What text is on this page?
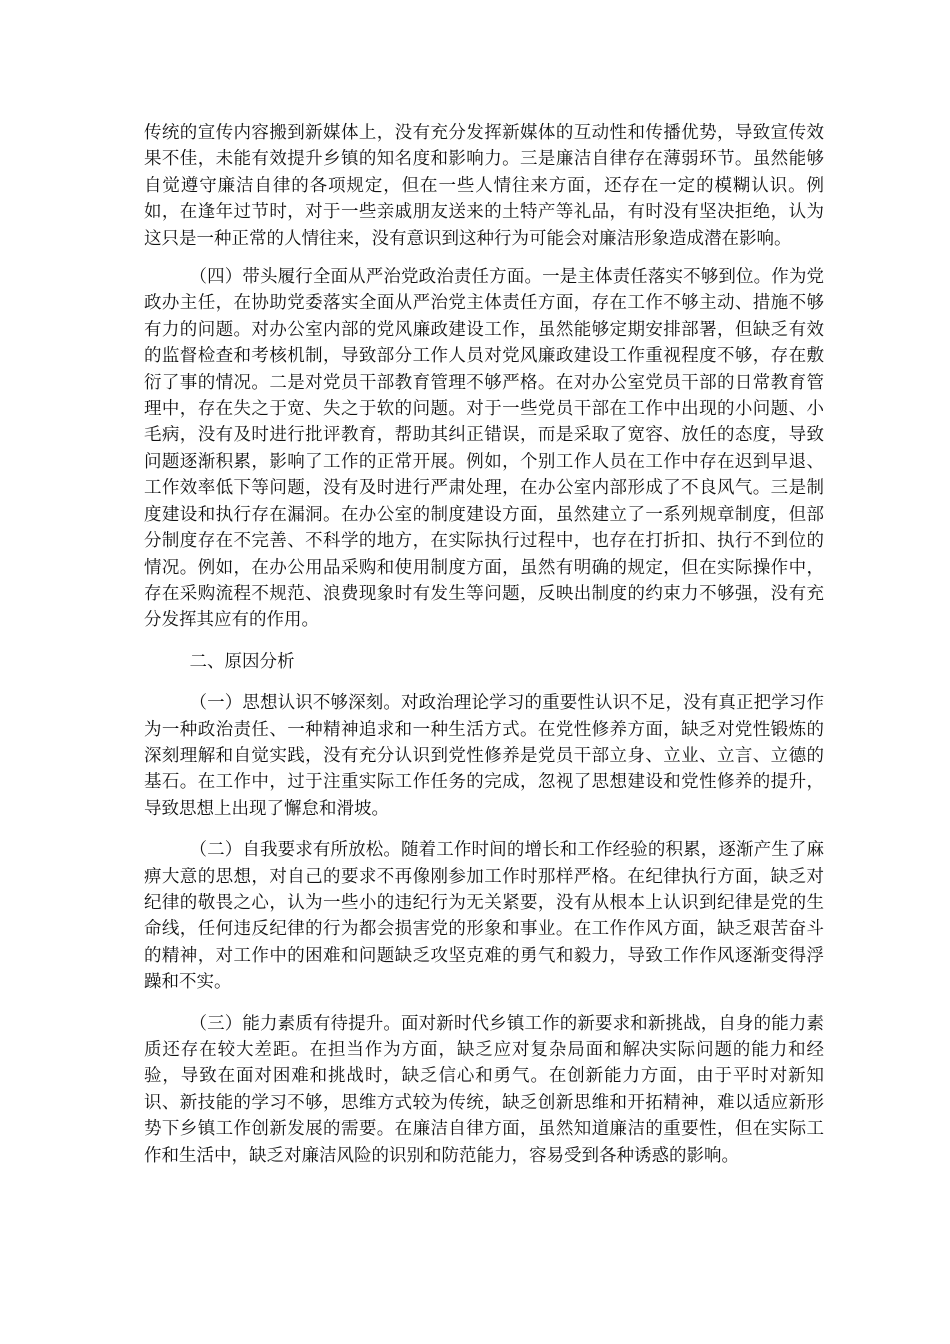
传统的宣传内容搬到新媒体上，没有充分发挥新媒体的互动性和传播优势，导致宣传效果不佳，未能有效提升乡镇的知名度和影响力。三是廉洁自律存在薄弱环节。虽然能够自觉遵守廉洁自律的各项规定，但在一些人情往来方面，还存在一定的模糊认识。例如，在逢年过节时，对于一些亲戚朋友送来的土特产等礼品，有时没有坚决拒绝，认为这只是一种正常的人情往来，没有意识到这种行为可能会对廉洁形象造成潜在影响。

（四）带头履行全面从严治党政治责任方面。一是主体责任落实不够到位。作为党政办主任，在协助党委落实全面从严治党主体责任方面，存在工作不够主动、措施不够有力的问题。对办公室内部的党风廉政建设工作，虽然能够定期安排部署，但缺乏有效的监督检查和考核机制，导致部分工作人员对党风廉政建设工作重视程度不够，存在敷衍了事的情况。二是对党员干部教育管理不够严格。在对办公室党员干部的日常教育管理中，存在失之于宽、失之于软的问题。对于一些党员干部在工作中出现的小问题、小毛病，没有及时进行批评教育，帮助其纠正错误，而是采取了宽容、放任的态度，导致问题逐渐积累，影响了工作的正常开展。例如，个别工作人员在工作中存在迟到早退、工作效率低下等问题，没有及时进行严肃处理，在办公室内部形成了不良风气。三是制度建设和执行存在漏洞。在办公室的制度建设方面，虽然建立了一系列规章制度，但部分制度存在不完善、不科学的地方，在实际执行过程中，也存在打折扣、执行不到位的情况。例如，在办公用品采购和使用制度方面，虽然有明确的规定，但在实际操作中，存在采购流程不规范、浪费现象时有发生等问题，反映出制度的约束力不够强，没有充分发挥其应有的作用。

二、原因分析

（一）思想认识不够深刻。对政治理论学习的重要性认识不足，没有真正把学习作为一种政治责任、一种精神追求和一种生活方式。在党性修养方面，缺乏对党性锻炼的深刻理解和自觉实践，没有充分认识到党性修养是党员干部立身、立业、立言、立德的基石。在工作中，过于注重实际工作任务的完成，忽视了思想建设和党性修养的提升，导致思想上出现了懈怠和滑坡。

（二）自我要求有所放松。随着工作时间的增长和工作经验的积累，逐渐产生了麻痹大意的思想，对自己的要求不再像刚参加工作时那样严格。在纪律执行方面，缺乏对纪律的敬畏之心，认为一些小的违纪行为无关紧要，没有从根本上认识到纪律是党的生命线，任何违反纪律的行为都会损害党的形象和事业。在工作作风方面，缺乏艰苦奋斗的精神，对工作中的困难和问题缺乏攻坚克难的勇气和毅力，导致工作作风逐渐变得浮躁和不实。

（三）能力素质有待提升。面对新时代乡镇工作的新要求和新挑战，自身的能力素质还存在较大差距。在担当作为方面，缺乏应对复杂局面和解决实际问题的能力和经验，导致在面对困难和挑战时，缺乏信心和勇气。在创新能力方面，由于平时对新知识、新技能的学习不够，思维方式较为传统，缺乏创新思维和开拓精神，难以适应新形势下乡镇工作创新发展的需要。在廉洁自律方面，虽然知道廉洁的重要性，但在实际工作和生活中，缺乏对廉洁风险的识别和防范能力，容易受到各种诱惑的影响。
